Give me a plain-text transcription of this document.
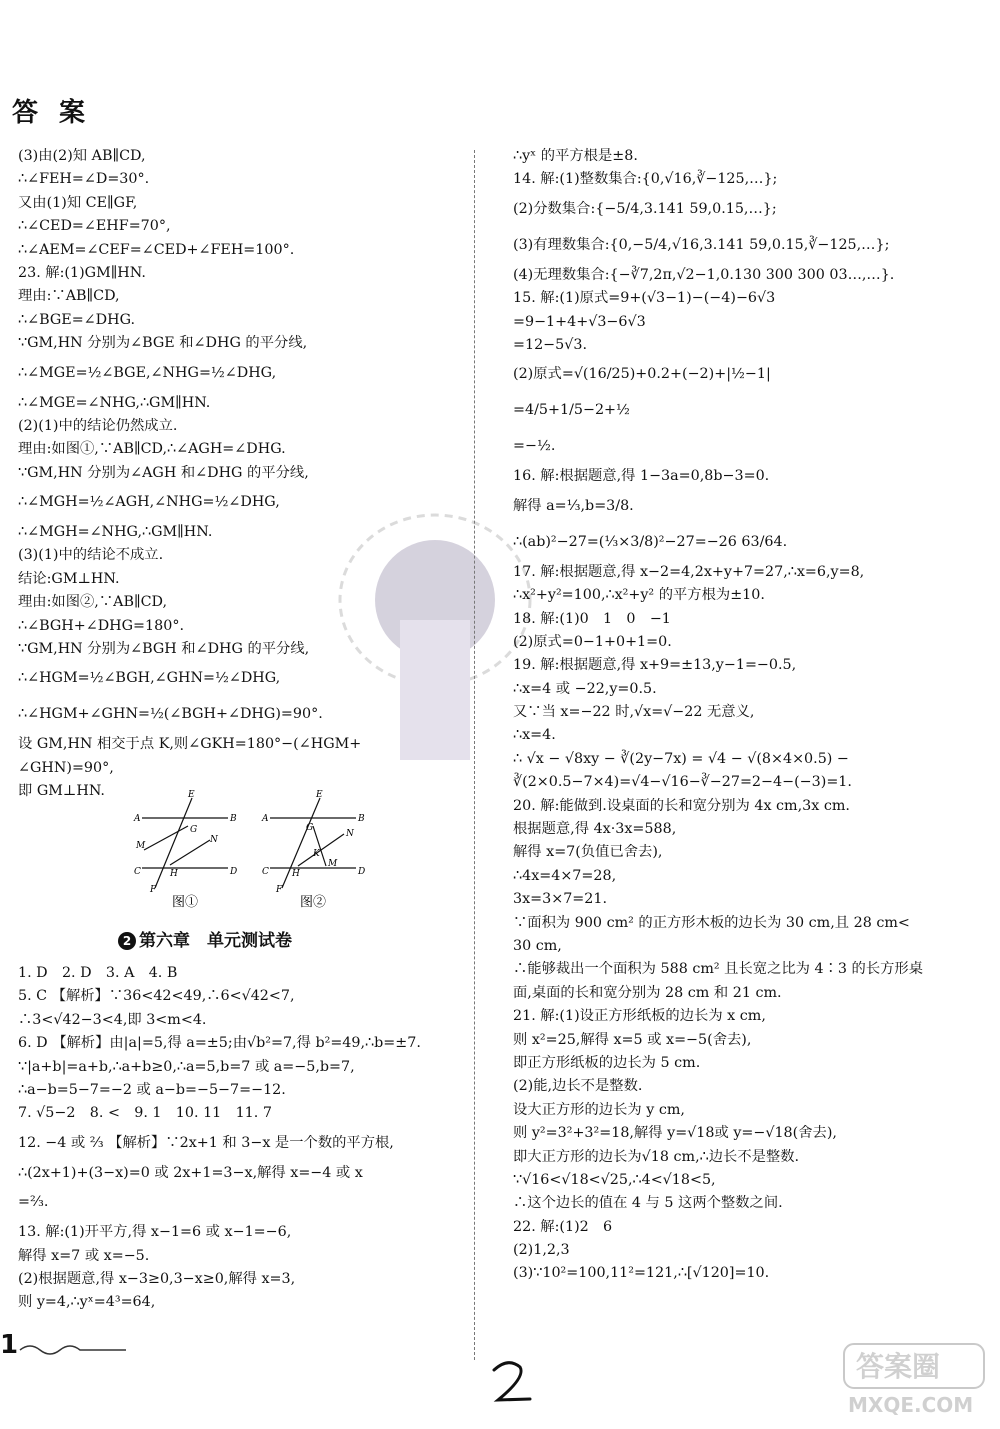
答 案
(3)由(2)知 AB∥CD,
∴∠FEH=∠D=30°.
又由(1)知 CE∥GF,
∴∠CED=∠EHF=70°,
∴∠AEM=∠CEF=∠CED+∠FEH=100°.
23. 解:(1)GM∥HN.
理由:∵AB∥CD,
∴∠BGE=∠DHG.
∵GM,HN 分别为∠BGE 和∠DHG 的平分线,
∴∠MGE=½∠BGE,∠NHG=½∠DHG,
∴∠MGE=∠NHG,∴GM∥HN.
(2)(1)中的结论仍然成立.
理由:如图①,∵AB∥CD,∴∠AGH=∠DHG.
∵GM,HN 分别为∠AGH 和∠DHG 的平分线,
∴∠MGH=½∠AGH,∠NHG=½∠DHG,
∴∠MGH=∠NHG,∴GM∥HN.
(3)(1)中的结论不成立.
结论:GM⊥HN.
理由:如图②,∵AB∥CD,
∴∠BGH+∠DHG=180°.
∵GM,HN 分别为∠BGH 和∠DHG 的平分线,
∴∠HGM=½∠BGH,∠GHN=½∠DHG,
∴∠HGM+∠GHN=½(∠BGH+∠DHG)=90°.
设 GM,HN 相交于点 K,则∠GKH=180°−(∠HGM+
∠GHN)=90°,
即 GM⊥HN.
A	B
E
G
M
N
H
C	D
F
图①
A	B
E
G
N
M
K
H
C	D
F
图②
2 第六章　单元测试卷
1. D　2. D　3. A　4. B
5. C 【解析】∵36<42<49,∴6<√42<7,
∴3<√42−3<4,即 3<m<4.
6. D 【解析】由|a|=5,得 a=±5;由√b²=7,得 b²=49,∴b=±7.
∵|a+b|=a+b,∴a+b≥0,∴a=5,b=7 或 a=−5,b=7,
∴a−b=5−7=−2 或 a−b=−5−7=−12.
7. √5−2　8. <　9. 1　10. 11　11. 7
12. −4 或 ⅔ 【解析】∵2x+1 和 3−x 是一个数的平方根,
∴(2x+1)+(3−x)=0 或 2x+1=3−x,解得 x=−4 或 x
=⅔.
13. 解:(1)开平方,得 x−1=6 或 x−1=−6,
解得 x=7 或 x=−5.
(2)根据题意,得 x−3≥0,3−x≥0,解得 x=3,
则 y=4,∴yˣ=4³=64,
∴yˣ 的平方根是±8.
14. 解:(1)整数集合:{0,√16,∛−125,…};
(2)分数集合:{−5/4,3.141 59,0.15̇,…};
(3)有理数集合:{0,−5/4,√16,3.141 59,0.15̇,∛−125,…};
(4)无理数集合:{−∛7,2π,√2−1,0.130 300 300 03…,…}.
15. 解:(1)原式=9+(√3−1)−(−4)−6√3
=9−1+4+√3−6√3
=12−5√3.
(2)原式=√(16/25)+0.2+(−2)+|½−1|
=4/5+1/5−2+½
=−½.
16. 解:根据题意,得 1−3a=0,8b−3=0.
解得 a=⅓,b=3/8.
∴(ab)²−27=(⅓×3/8)²−27=−26 63/64.
17. 解:根据题意,得 x−2=4,2x+y+7=27,∴x=6,y=8,
∴x²+y²=100,∴x²+y² 的平方根为±10.
18. 解:(1)0　1　0　−1
(2)原式=0−1+0+1=0.
19. 解:根据题意,得 x+9=±13,y−1=−0.5,
∴x=4 或 −22,y=0.5.
又∵当 x=−22 时,√x=√−22 无意义,
∴x=4.
∴ √x − √8xy − ∛(2y−7x) = √4 − √(8×4×0.5) −
∛(2×0.5−7×4)=√4−√16−∛−27=2−4−(−3)=1.
20. 解:能做到.设桌面的长和宽分别为 4x cm,3x cm.
根据题意,得 4x·3x=588,
解得 x=7(负值已舍去),
∴4x=4×7=28,
3x=3×7=21.
∵面积为 900 cm² 的正方形木板的边长为 30 cm,且 28 cm<
30 cm,
∴能够裁出一个面积为 588 cm² 且长宽之比为 4∶3 的长方形桌
面,桌面的长和宽分别为 28 cm 和 21 cm.
21. 解:(1)设正方形纸板的边长为 x cm,
则 x²=25,解得 x=5 或 x=−5(舍去),
即正方形纸板的边长为 5 cm.
(2)能,边长不是整数.
设大正方形的边长为 y cm,
则 y²=3²+3²=18,解得 y=√18或 y=−√18(舍去),
即大正方形的边长为√18 cm,∴边长不是整数.
∵√16<√18<√25,∴4<√18<5,
∴这个边长的值在 4 与 5 这两个整数之间.
22. 解:(1)2　6
(2)1,2,3
(3)∵10²=100,11²=121,∴[√120]=10.
1
答案圈
MXQE.COM
